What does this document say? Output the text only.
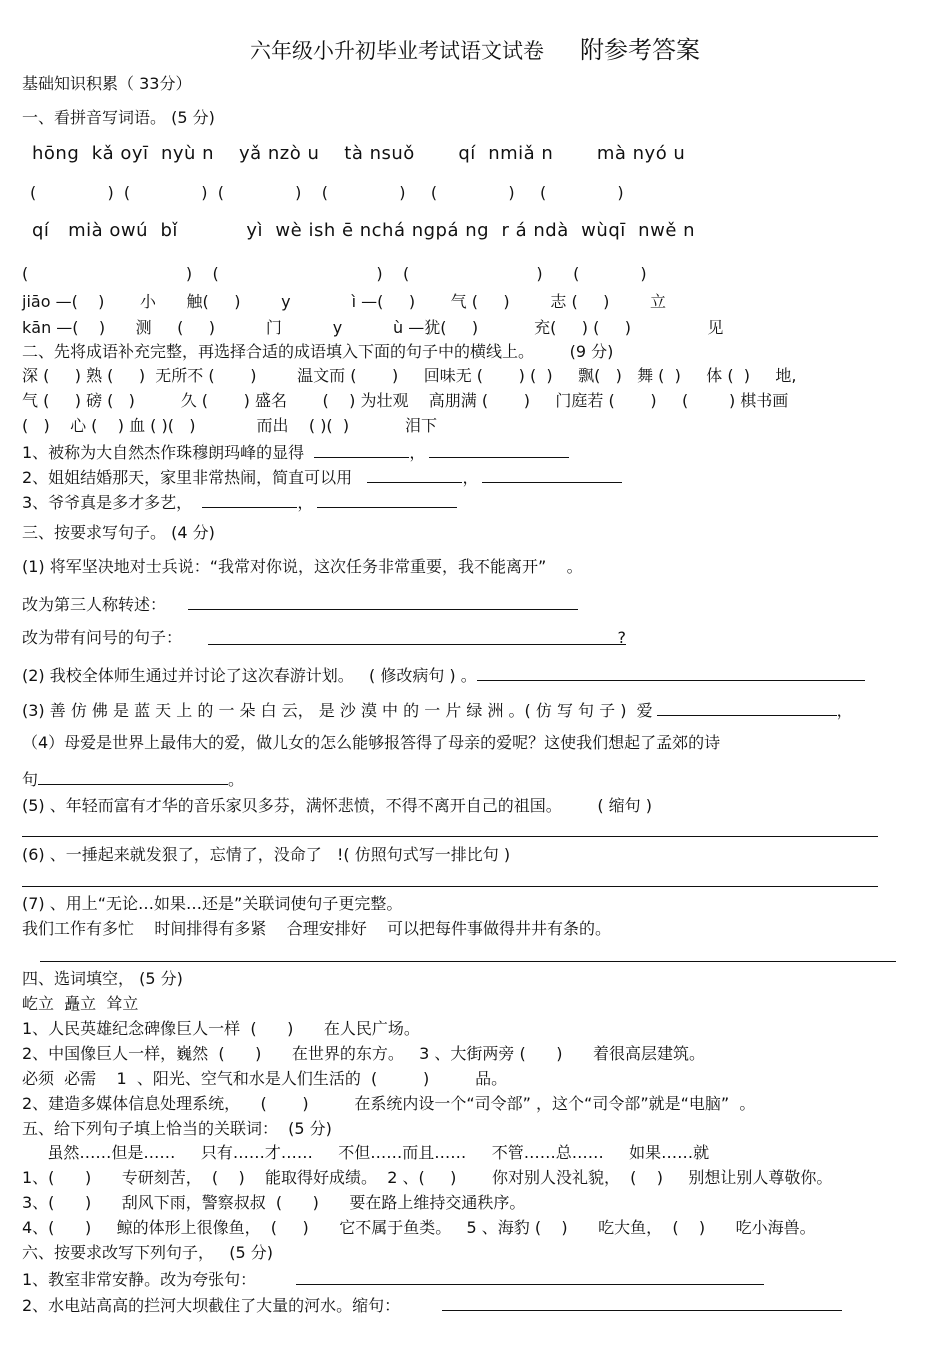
六年级小升初毕业考试语文试卷 附参考答案
基础知识积累（ 33分）
一、看拼音写词语。 (5 分)
hōng  kǎ oyī  nyù n    yǎ nzò u    tà nsuǒ       qí  nmiǎ n       mà nyó u
(              )  (              )  (              )    (              )     (              )     (              )
qí   mià owú  bǐ           yì  wè ish ē nchá ngpá ng  r á ndà  wùqī  nwě n
(                               )    (                               )    (                         )      (            )
jiāo —(    )       小      触(     )        y            ì —(     )       气 (     )        志 (     )        立
kān —(    )      测     (     )          门          y          ù —犹(     )           充(     ) (     )               见
二、先将成语补充完整，再选择合适的成语填入下面的句子中的横线上。       (9 分)
深 (     ) 熟 (     )  无所不 (       )        温文而 (       )     回味无 (       ) (  )     飘(   )   舞 (  )     体 (  )     地,
气 (     ) 磅 (   )         久 (       ) 盛名       (    ) 为壮观    高朋满 (       )     门庭若 (       )     (        ) 棋书画
(   )    心 (    ) 血 ( )(   )            而出    ( )(  )           泪下
1、被称为大自然杰作珠穆朗玛峰的显得	，
2、姐姐结婚那天，家里非常热闹，简直可以用	，
3、爷爷真是多才多艺，	，
三、按要求写句子。 (4 分)
(1) 将军坚决地对士兵说：“我常对你说，这次任务非常重要，我不能离开”    。
改为第三人称转述：
改为带有问号的句子：	?
(2) 我校全体师生通过并讨论了这次春游计划。   ( 修改病句 ) 。
(3) 善 仿 佛 是 蓝 天 上 的 一 朵 白 云， 是 沙 漠 中 的 一 片 绿 洲 。( 仿 写 句 子 )  爱	，
（4）母爱是世界上最伟大的爱，做儿女的怎么能够报答得了母亲的爱呢？这使我们想起了孟郊的诗
句	。
(5) 、年轻而富有才华的音乐家贝多芬，满怀悲愤，不得不离开自己的祖国。       ( 缩句 )
(6) 、一捶起来就发狠了，忘情了，没命了   !( 仿照句式写一排比句 )
(7) 、用上“无论…如果…还是”关联词使句子更完整。
我们工作有多忙    时间排得有多紧    合理安排好    可以把每件事做得井井有条的。
四、选词填空， (5 分)
屹立  矗立  耸立
1、人民英雄纪念碑像巨人一样  (      )      在人民广场。
2、中国像巨人一样，巍然  (      )      在世界的东方。   3 、大街两旁 (      )      着很高层建筑。
必须  必需    1  、阳光、空气和水是人们生活的  (         )         品。
2、建造多媒体信息处理系统，    (       )         在系统内设一个“司令部” ，这个“司令部”就是“电脑”  。
五、给下列句子填上恰当的关联词：  (5 分)
虽然……但是……     只有……才……     不但……而且……     不管……总……     如果……就
1、(      )      专研刻苦，  (    )    能取得好成绩。  2 、(     )       你对别人没礼貌，  (    )     别想让别人尊敬你。
3、(      )      刮风下雨，警察叔叔  (      )      要在路上维持交通秩序。
4、(      )     鲸的体形上很像鱼，  (     )      它不属于鱼类。   5 、海豹 (    )      吃大鱼，  (    )      吃小海兽。
六、按要求改写下列句子，   (5 分)
1、教室非常安静。改为夸张句：
2、水电站高高的拦河大坝截住了大量的河水。缩句：
